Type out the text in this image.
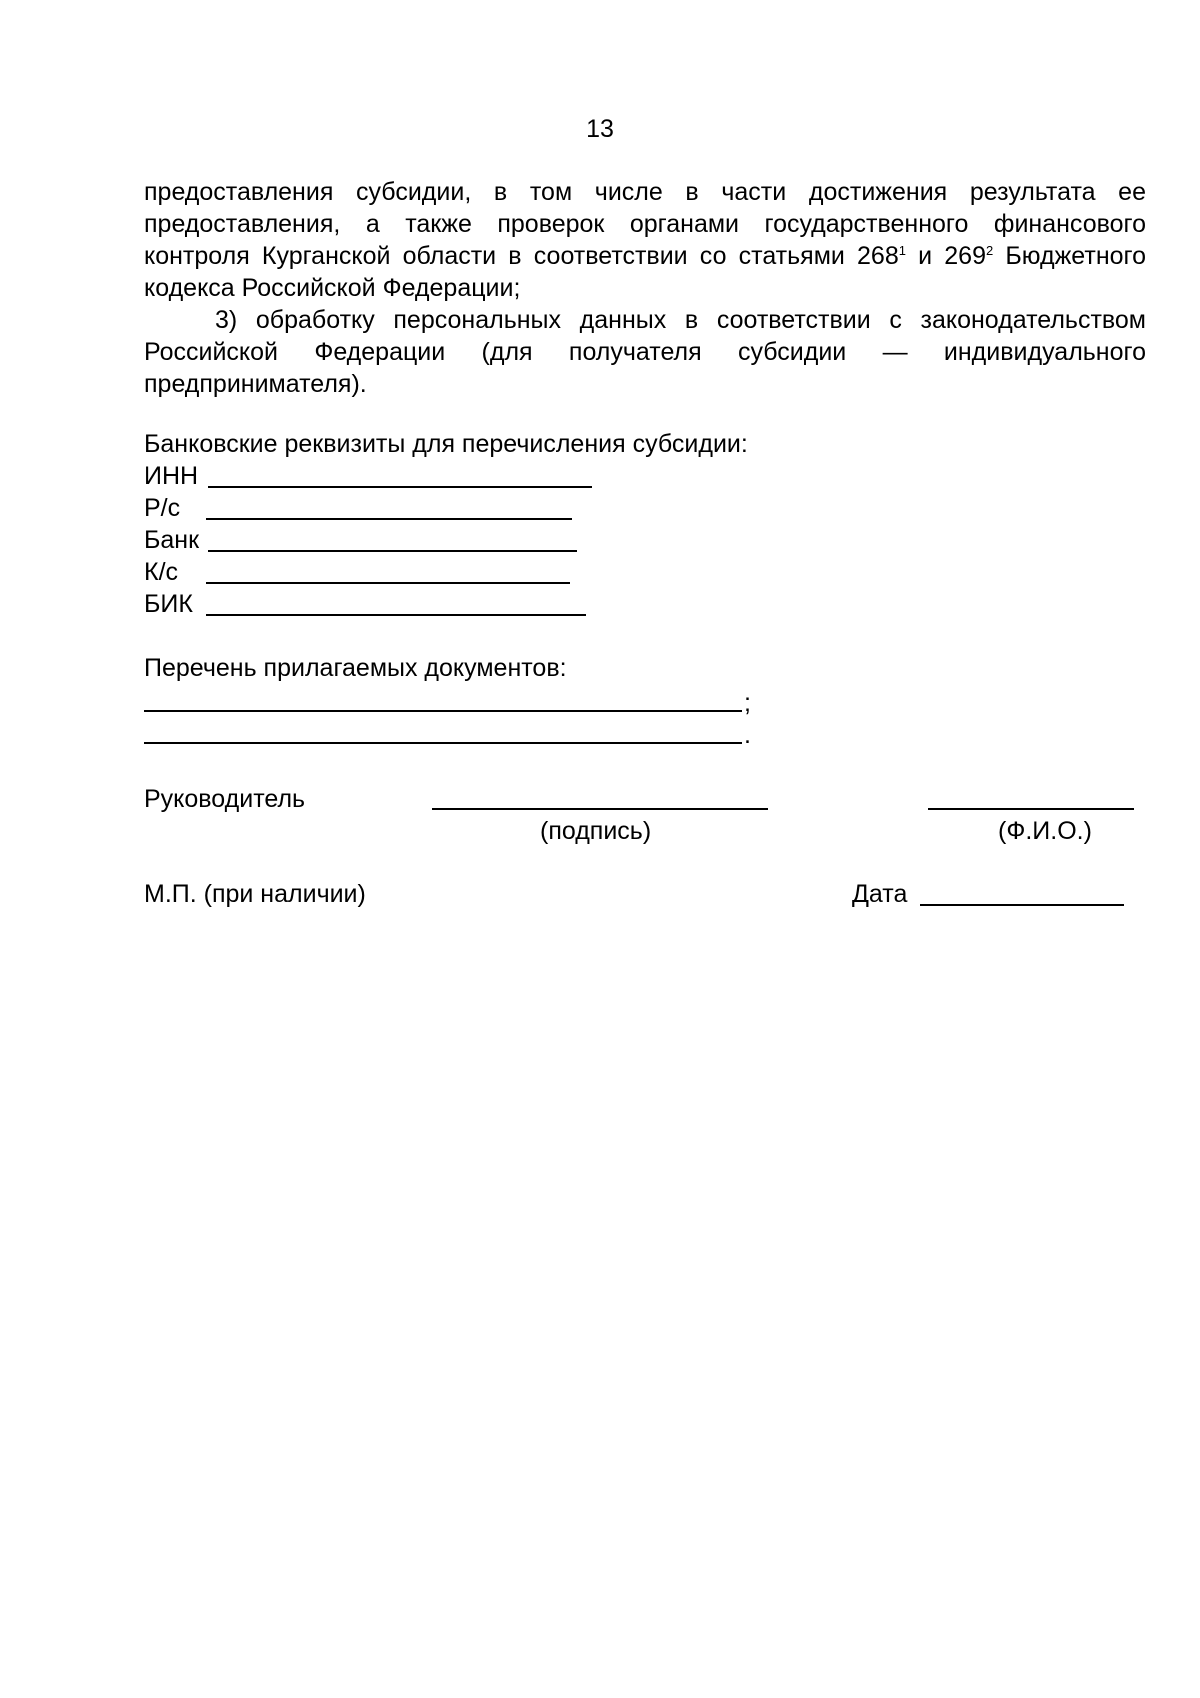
13
предоставления субсидии, в том числе в части достижения результата ее
предоставления, а также проверок органами государственного финансового
контроля Курганской области в соответствии со статьями $268^1$ и $269^2$ Бюджетного
кодекса Российской Федерации;
3) обработку персональных данных в соответствии с законодательством
Российской Федерации (для получателя субсидии — индивидуального
предпринимателя).
Банковские реквизиты для перечисления субсидии:
ИНН
Р/с
Банк
К/с
БИК
Перечень прилагаемых документов:
;
.
Руководитель
(подпись)	(Ф.И.О.)
М.П. (при наличии)	Дата
